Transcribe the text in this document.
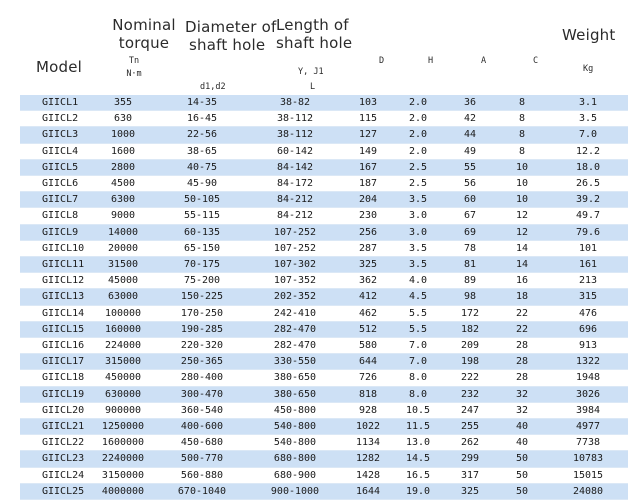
Model
Nominal
torque
Tn
N·m
Diameter of
shaft hole
d1,d2
Length of
shaft hole
Y, J1
L
D	H	A	C
Weight
Kg
GIICL1	355	14-35	38-82	103	2.0	36	8	3.1
GIICL2	630	16-45	38-112	115	2.0	42	8	3.5
GIICL3	1000	22-56	38-112	127	2.0	44	8	7.0
GIICL4	1600	38-65	60-142	149	2.0	49	8	12.2
GIICL5	2800	40-75	84-142	167	2.5	55	10	18.0
GIICL6	4500	45-90	84-172	187	2.5	56	10	26.5
GIICL7	6300	50-105	84-212	204	3.5	60	10	39.2
GIICL8	9000	55-115	84-212	230	3.0	67	12	49.7
GIICL9	14000	60-135	107-252	256	3.0	69	12	79.6
GIICL10	20000	65-150	107-252	287	3.5	78	14	101
GIICL11	31500	70-175	107-302	325	3.5	81	14	161
GIICL12	45000	75-200	107-352	362	4.0	89	16	213
GIICL13	63000	150-225	202-352	412	4.5	98	18	315
GIICL14	100000	170-250	242-410	462	5.5	172	22	476
GIICL15	160000	190-285	282-470	512	5.5	182	22	696
GIICL16	224000	220-320	282-470	580	7.0	209	28	913
GIICL17	315000	250-365	330-550	644	7.0	198	28	1322
GIICL18	450000	280-400	380-650	726	8.0	222	28	1948
GIICL19	630000	300-470	380-650	818	8.0	232	32	3026
GIICL20	900000	360-540	450-800	928	10.5	247	32	3984
GIICL21	1250000	400-600	540-800	1022	11.5	255	40	4977
GIICL22	1600000	450-680	540-800	1134	13.0	262	40	7738
GIICL23	2240000	500-770	680-800	1282	14.5	299	50	10783
GIICL24	3150000	560-880	680-900	1428	16.5	317	50	15015
GIICL25	4000000	670-1040	900-1000	1644	19.0	325	50	24080
